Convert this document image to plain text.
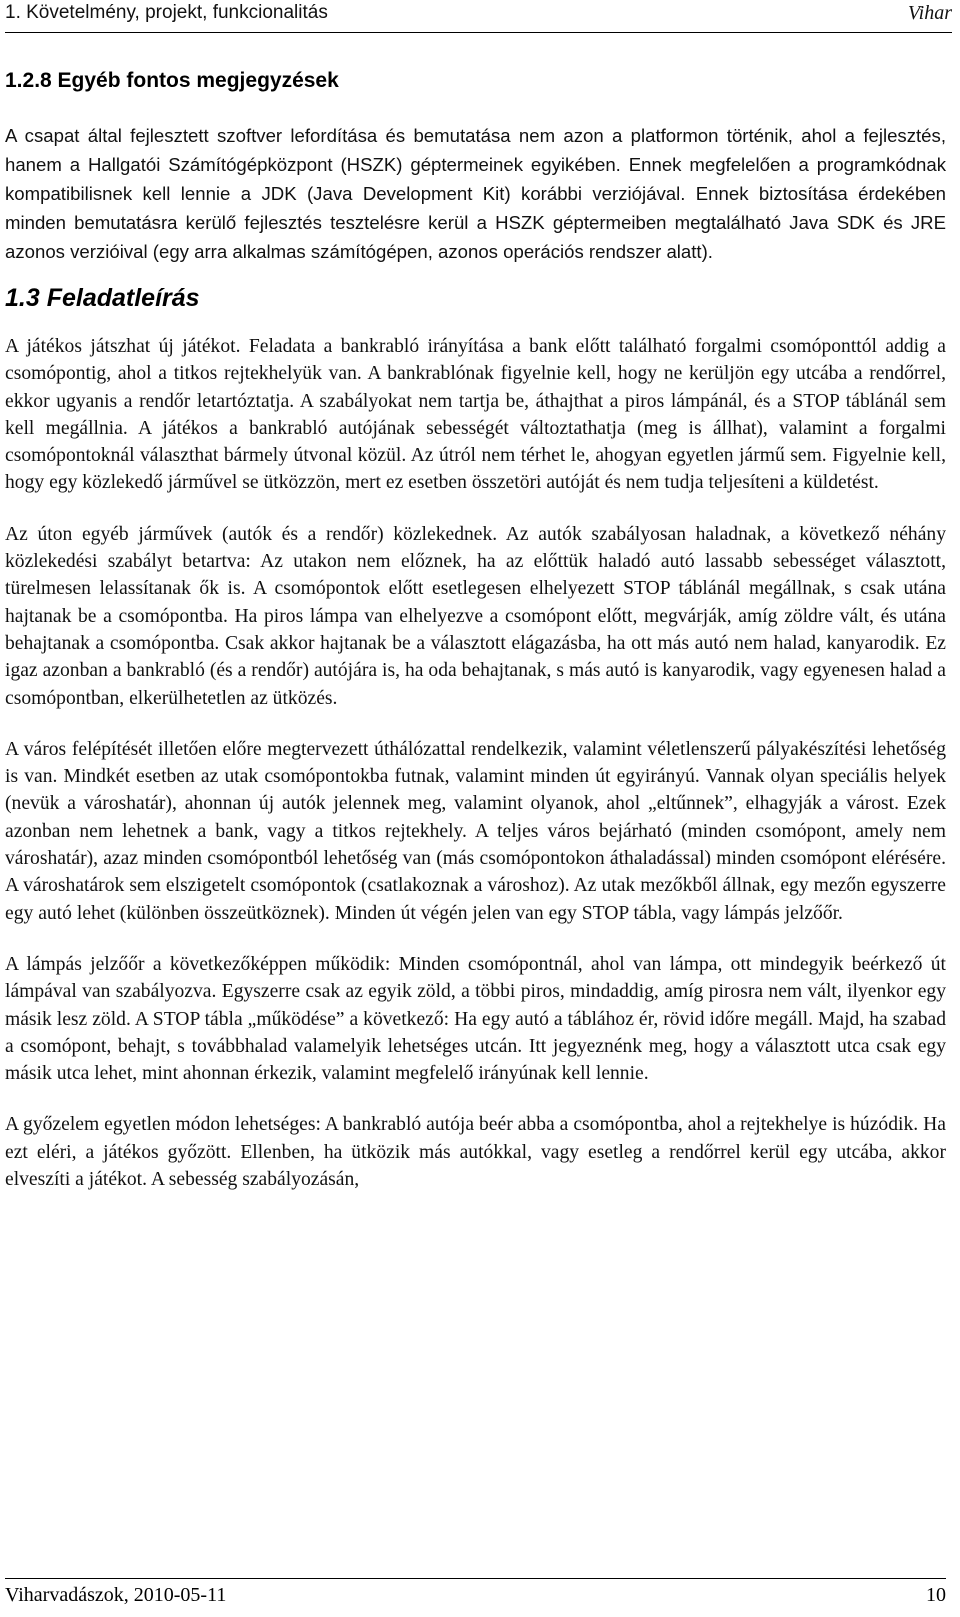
1. Követelmény, projekt, funkcionalitás	Vihar
1.2.8 Egyéb fontos megjegyzések

A csapat által fejlesztett szoftver lefordítása és bemutatása nem azon a platformon történik, ahol a fejlesztés, hanem a Hallgatói Számítógépközpont (HSZK) géptermeinek egyikében. Ennek megfelelően a programkódnak kompatibilisnek kell lennie a JDK (Java Development Kit) korábbi verziójával. Ennek biztosítása érdekében minden bemutatásra kerülő fejlesztés tesztelésre kerül a HSZK géptermeiben megtalálható Java SDK és JRE azonos verzióival (egy arra alkalmas számítógépen, azonos operációs rendszer alatt).

1.3 Feladatleírás

A játékos játszhat új játékot. Feladata a bankrabló irányítása a bank előtt található forgalmi csomóponttól addig a csomópontig, ahol a titkos rejtekhelyük van. A bankrablónak figyelnie kell, hogy ne kerüljön egy utcába a rendőrrel, ekkor ugyanis a rendőr letartóztatja. A szabályokat nem tartja be, áthajthat a piros lámpánál, és a STOP táblánál sem kell megállnia. A játékos a bankrabló autójának sebességét változtathatja (meg is állhat), valamint a forgalmi csomópontoknál választhat bármely útvonal közül. Az útról nem térhet le, ahogyan egyetlen jármű sem. Figyelnie kell, hogy egy közlekedő járművel se ütközzön, mert ez esetben összetöri autóját és nem tudja teljesíteni a küldetést.

Az úton egyéb járművek (autók és a rendőr) közlekednek. Az autók szabályosan haladnak, a következő néhány közlekedési szabályt betartva: Az utakon nem előznek, ha az előttük haladó autó lassabb sebességet választott, türelmesen lelassítanak ők is. A csomópontok előtt esetlegesen elhelyezett STOP táblánál megállnak, s csak utána hajtanak be a csomópontba. Ha piros lámpa van elhelyezve a csomópont előtt, megvárják, amíg zöldre vált, és utána behajtanak a csomópontba. Csak akkor hajtanak be a választott elágazásba, ha ott más autó nem halad, kanyarodik. Ez igaz azonban a bankrabló (és a rendőr) autójára is, ha oda behajtanak, s más autó is kanyarodik, vagy egyenesen halad a csomópontban, elkerülhetetlen az ütközés.

A város felépítését illetően előre megtervezett úthálózattal rendelkezik, valamint véletlenszerű pályakészítési lehetőség is van. Mindkét esetben az utak csomópontokba futnak, valamint minden út egyirányú. Vannak olyan speciális helyek (nevük a városhatár), ahonnan új autók jelennek meg, valamint olyanok, ahol „eltűnnek”, elhagyják a várost. Ezek azonban nem lehetnek a bank, vagy a titkos rejtekhely. A teljes város bejárható (minden csomópont, amely nem városhatár), azaz minden csomópontból lehetőség van (más csomópontokon áthaladással) minden csomópont elérésére. A városhatárok sem elszigetelt csomópontok (csatlakoznak a városhoz). Az utak mezőkből állnak, egy mezőn egyszerre egy autó lehet (különben összeütköznek). Minden út végén jelen van egy STOP tábla, vagy lámpás jelzőőr.

A lámpás jelzőőr a következőképpen működik: Minden csomópontnál, ahol van lámpa, ott mindegyik beérkező út lámpával van szabályozva. Egyszerre csak az egyik zöld, a többi piros, mindaddig, amíg pirosra nem vált, ilyenkor egy másik lesz zöld. A STOP tábla „működése” a következő: Ha egy autó a táblához ér, rövid időre megáll. Majd, ha szabad a csomópont, behajt, s továbbhalad valamelyik lehetséges utcán. Itt jegyeznénk meg, hogy a választott utca csak egy másik utca lehet, mint ahonnan érkezik, valamint megfelelő irányúnak kell lennie.

A győzelem egyetlen módon lehetséges: A bankrabló autója beér abba a csomópontba, ahol a rejtekhelye is húzódik. Ha ezt eléri, a játékos győzött. Ellenben, ha ütközik más autókkal, vagy esetleg a rendőrrel kerül egy utcába, akkor elveszíti a játékot. A sebesség szabályozásán,

Viharvadászok, 2010-05-11	10
